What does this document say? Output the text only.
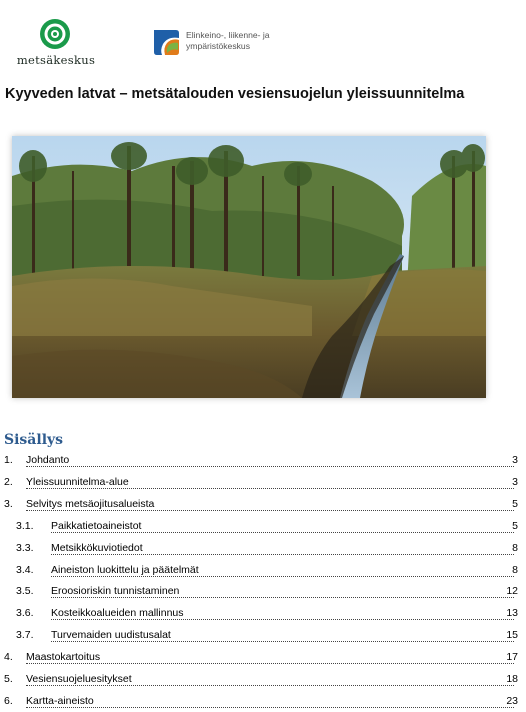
metsäkeskus
Elinkeino-, liikenne- ja
ympäristökeskus
Kyyveden latvat – metsätalouden vesiensuojelun yleissuunnitelma
Sisällys
1. Johdanto	3
2. Yleissuunnitelma-alue	3
3. Selvitys metsäojitusalueista	5
3.1. Paikkatietoaineistot	5
3.3. Metsikkökuviotiedot	8
3.4. Aineiston luokittelu ja päätelmät	8
3.5. Eroosioriskin tunnistaminen	12
3.6. Kosteikkoalueiden mallinnus	13
3.7. Turvemaiden uudistusalat	15
4. Maastokartoitus	17
5. Vesiensuojeluesitykset	18
6. Kartta-aineisto	23
